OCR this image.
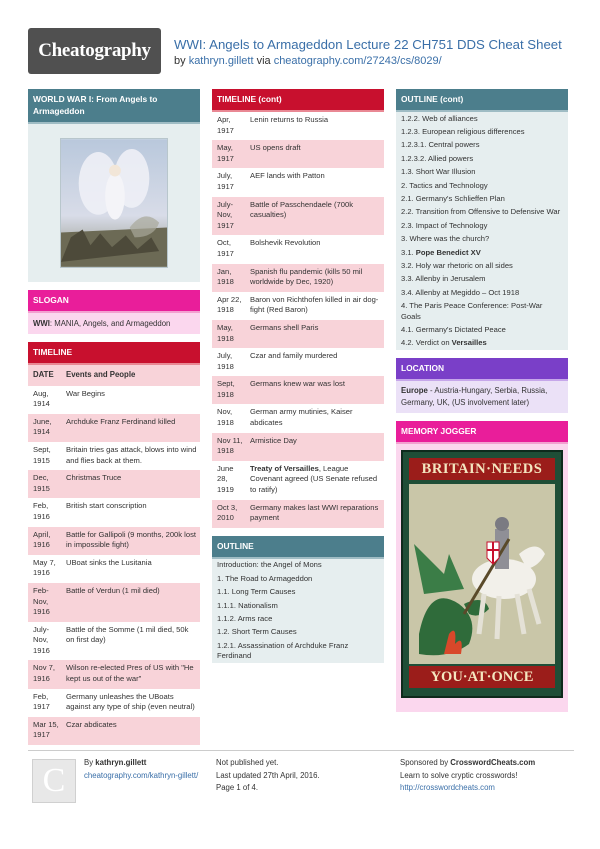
Cheatography	WWI: Angels to Armageddon Lecture 22 CH751 DDS Cheat Sheet
by kathryn.gillett via cheatography.com/27243/cs/8029/
WORLD WAR I: From Angels to Armageddon
SLOGAN
WWI: MANIA, Angels, and Armageddon
TIMELINE
DATE	Events and People
Aug, 1914	War Begins
June, 1914	Archduke Franz Ferdinand killed
Sept, 1915	Britain tries gas attack, blows into wind and flies back at them.
Dec, 1915	Christmas Truce
Feb, 1916	British start conscription
April, 1916	Battle for Gallipoli (9 months, 200k lost in impossible fight)
May 7, 1916	UBoat sinks the Lusitania
Feb-Nov, 1916	Battle of Verdun (1 mil died)
July-Nov, 1916	Battle of the Somme (1 mil died, 50k on first day)
Nov 7, 1916	Wilson re-elected Pres of US with "He kept us out of the war"
Feb, 1917	Germany unleashes the UBoats against any type of ship (even neutral)
Mar 15, 1917	Czar abdicates
TIMELINE (cont)
Apr, 1917	Lenin returns to Russia
May, 1917	US opens draft
July, 1917	AEF lands with Patton
July-Nov, 1917	Battle of Passchendaele (700k casualties)
Oct, 1917	Bolshevik Revolution
Jan, 1918	Spanish flu pandemic (kills 50 mil worldwide by Dec, 1920)
Apr 22, 1918	Baron von Richthofen killed in air dog-fight (Red Baron)
May, 1918	Germans shell Paris
July, 1918	Czar and family murdered
Sept, 1918	Germans knew war was lost
Nov, 1918	German army mutinies, Kaiser abdicates
Nov 11, 1918	Armistice Day
June 28, 1919	Treaty of Versailles, League Covenant agreed (US Senate refused to ratify)
Oct 3, 2010	Germany makes last WWI reparations payment
OUTLINE
Introduction: the Angel of Mons
1. The Road to Armageddon
1.1. Long Term Causes
1.1.1. Nationalism
1.1.2. Arms race
1.2. Short Term Causes
1.2.1. Assassination of Archduke Franz Ferdinand
OUTLINE (cont)
1.2.2. Web of alliances
1.2.3. European religious differences
1.2.3.1. Central powers
1.2.3.2. Allied powers
1.3. Short War Illusion
2. Tactics and Technology
2.1. Germany's Schlieffen Plan
2.2. Transition from Offensive to Defensive War
2.3. Impact of Technology
3. Where was the church?
3.1. Pope Benedict XV
3.2. Holy war rhetoric on all sides
3.3. Allenby in Jerusalem
3.4. Allenby at Megiddo – Oct 1918
4. The Paris Peace Conference: Post-War Goals
4.1. Germany's Dictated Peace
4.2. Verdict on Versailles
LOCATION
Europe - Austria-Hungary, Serbia, Russia, Germany, UK, (US involvement later)
MEMORY JOGGER
BRITAIN·NEEDS
YOU·AT·ONCE
C	By kathryn.gillett
cheatography.com/kathryn-gillett/
Not published yet.
Last updated 27th April, 2016.
Page 1 of 4.
Sponsored by CrosswordCheats.com
Learn to solve cryptic crosswords!
http://crosswordcheats.com
